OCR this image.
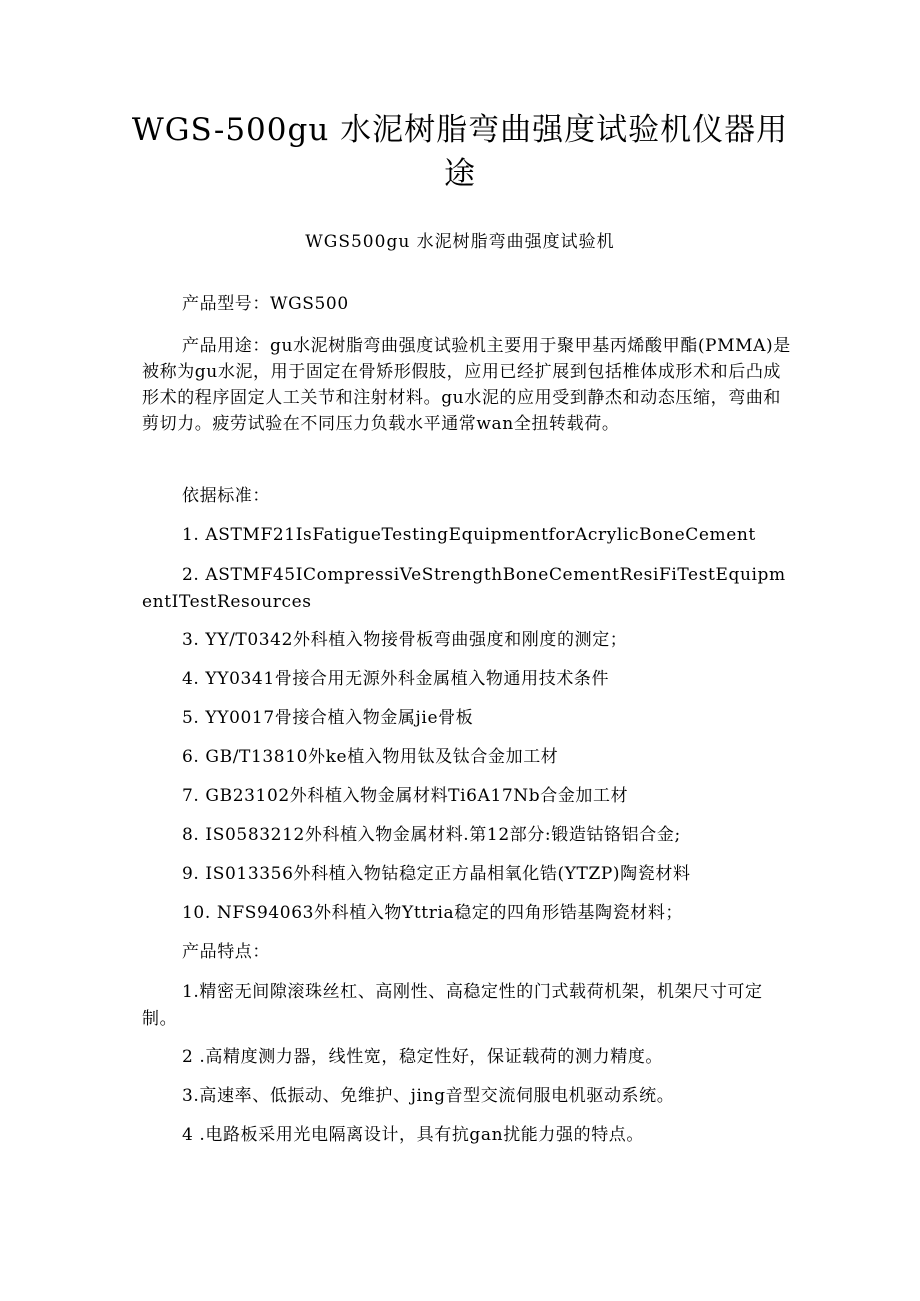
WGS-500gu 水泥树脂弯曲强度试验机仪器用途
WGS500gu 水泥树脂弯曲强度试验机

产品型号：WGS500

产品用途：gu水泥树脂弯曲强度试验机主要用于聚甲基丙烯酸甲酯(PMMA)是被称为gu水泥，用于固定在骨矫形假肢，应用已经扩展到包括椎体成形术和后凸成形术的程序固定人工关节和注射材料。gu水泥的应用受到静杰和动态压缩，弯曲和剪切力。疲劳试验在不同压力负载水平通常wan全扭转载荷。

依据标准：

1. ASTMF21IsFatigueTestingEquipmentforAcrylicBoneCement

2. ASTMF45ICompressiVeStrengthBoneCementResiFiTestEquipmentITestResources

3. YY/T0342外科植入物接骨板弯曲强度和刚度的测定；

4. YY0341骨接合用无源外科金属植入物通用技术条件

5. YY0017骨接合植入物金属jie骨板

6. GB/T13810外ke植入物用钛及钛合金加工材

7. GB23102外科植入物金属材料Ti6A17Nb合金加工材

8. IS0583212外科植入物金属材料.第12部分:锻造钴铬铝合金;

9. IS013356外科植入物钴稳定正方晶相氧化锆(YTZP)陶瓷材料

10. NFS94063外科植入物Yttria稳定的四角形锆基陶瓷材料；

产品特点：

1.精密无间隙滚珠丝杠、高刚性、高稳定性的门式载荷机架，机架尺寸可定制。

2 .高精度测力器，线性宽，稳定性好，保证载荷的测力精度。

3.高速率、低振动、免维护、jing音型交流伺服电机驱动系统。

4 .电路板采用光电隔离设计，具有抗gan扰能力强的特点。
